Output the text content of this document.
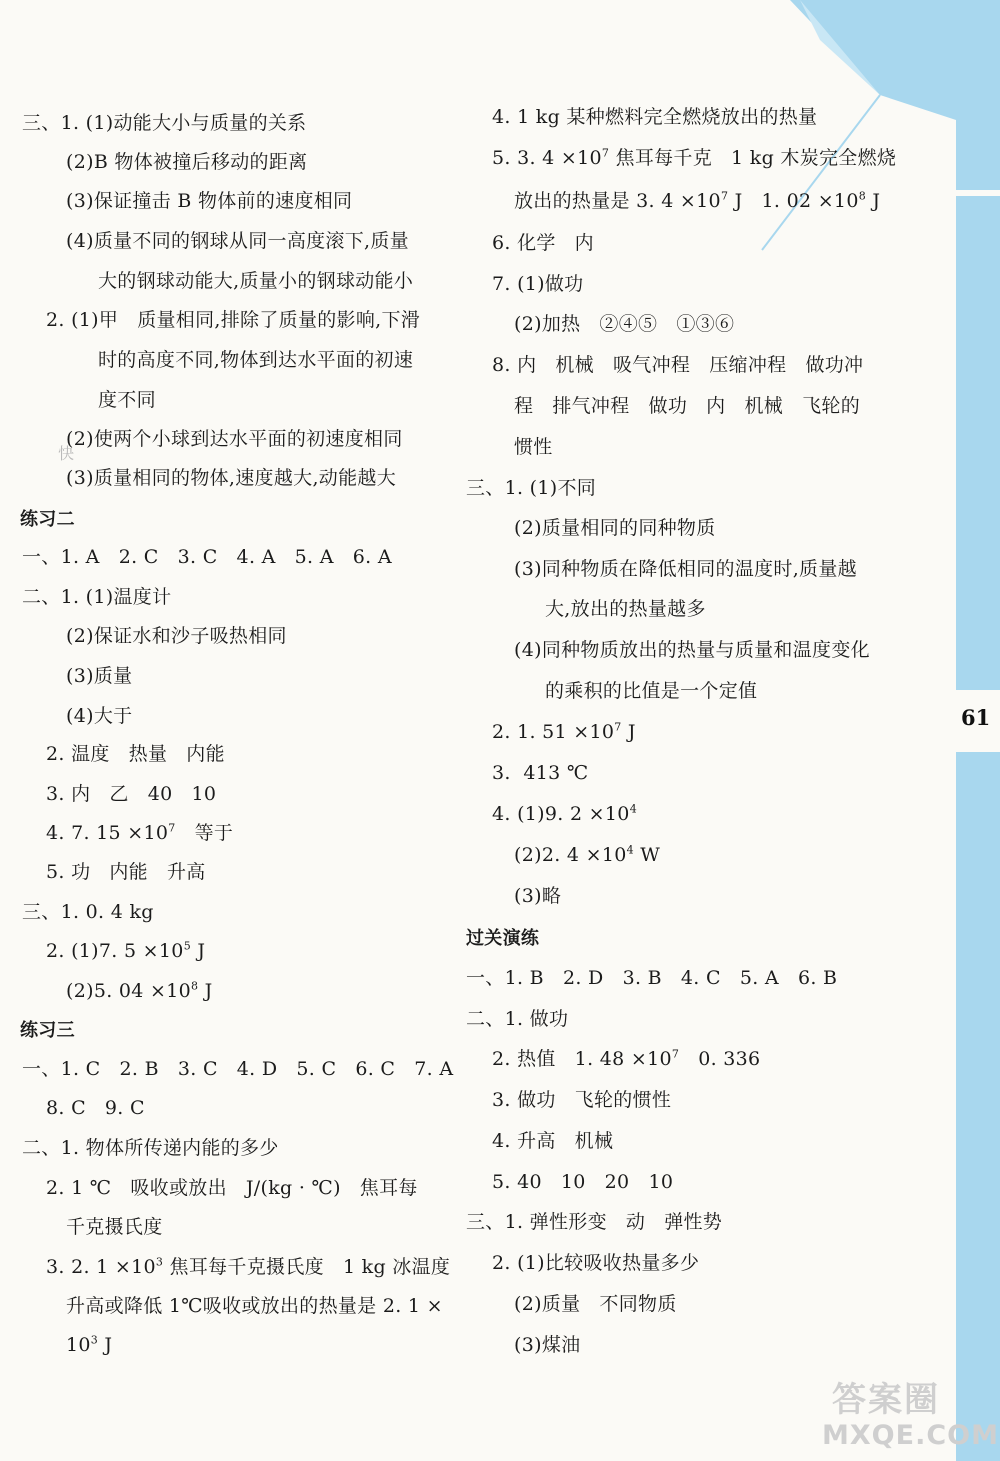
61
快
三、1. (1)动能大小与质量的关系
(2)B 物体被撞后移动的距离
(3)保证撞击 B 物体前的速度相同
(4)质量不同的钢球从同一高度滚下,质量
大的钢球动能大,质量小的钢球动能小
2. (1)甲   质量相同,排除了质量的影响,下滑
时的高度不同,物体到达水平面的初速
度不同
(2)使两个小球到达水平面的初速度相同
(3)质量相同的物体,速度越大,动能越大
练习二
一、1. A   2. C   3. C   4. A   5. A   6. A
二、1. (1)温度计
(2)保证水和沙子吸热相同
(3)质量
(4)大于
2. 温度   热量   内能
3. 内   乙   40   10
4. 7. $15 \times 10^7$   等于
5. 功   内能   升高
三、1. 0. 4 kg
2. (1)7. $5 \times 10^5$ J
(2)5. $04 \times 10^8$ J
练习三
一、1. C   2. B   3. C   4. D   5. C   6. C   7. A
8. C   9. C
二、1. 物体所传递内能的多少
2. 1 ℃   吸收或放出   J/(kg · ℃)   焦耳每
千克摄氏度
3. 2. $1 \times 10^3$ 焦耳每千克摄氏度   1 kg 冰温度
升高或降低 1℃吸收或放出的热量是 2. 1 ×
$10^3$ J
4. 1 kg 某种燃料完全燃烧放出的热量
5. 3. $4 \times 10^7$ 焦耳每千克   1 kg 木炭完全燃烧
放出的热量是 3. $4 \times 10^7$ J   1. $02 \times 10^8$ J
6. 化学   内
7. (1)做功
(2)加热   ②④⑤   ①③⑥
8. 内   机械   吸气冲程   压缩冲程   做功冲
程   排气冲程   做功   内   机械   飞轮的
惯性
三、1. (1)不同
(2)质量相同的同种物质
(3)同种物质在降低相同的温度时,质量越
大,放出的热量越多
(4)同种物质放出的热量与质量和温度变化
的乘积的比值是一个定值
2. 1. $51 \times 10^7$ J
3.  413 ℃
4. (1)9. $2 \times 10^4$
(2)2. $4 \times 10^4$ W
(3)略
过关演练
一、1. B   2. D   3. B   4. C   5. A   6. B
二、1. 做功
2. 热值   1. $48 \times 10^7$   0. 336
3. 做功   飞轮的惯性
4. 升高   机械
5. 40   10   20   10
三、1. 弹性形变   动   弹性势
2. (1)比较吸收热量多少
(2)质量   不同物质
(3)煤油
答案圈
MXQE.COM
